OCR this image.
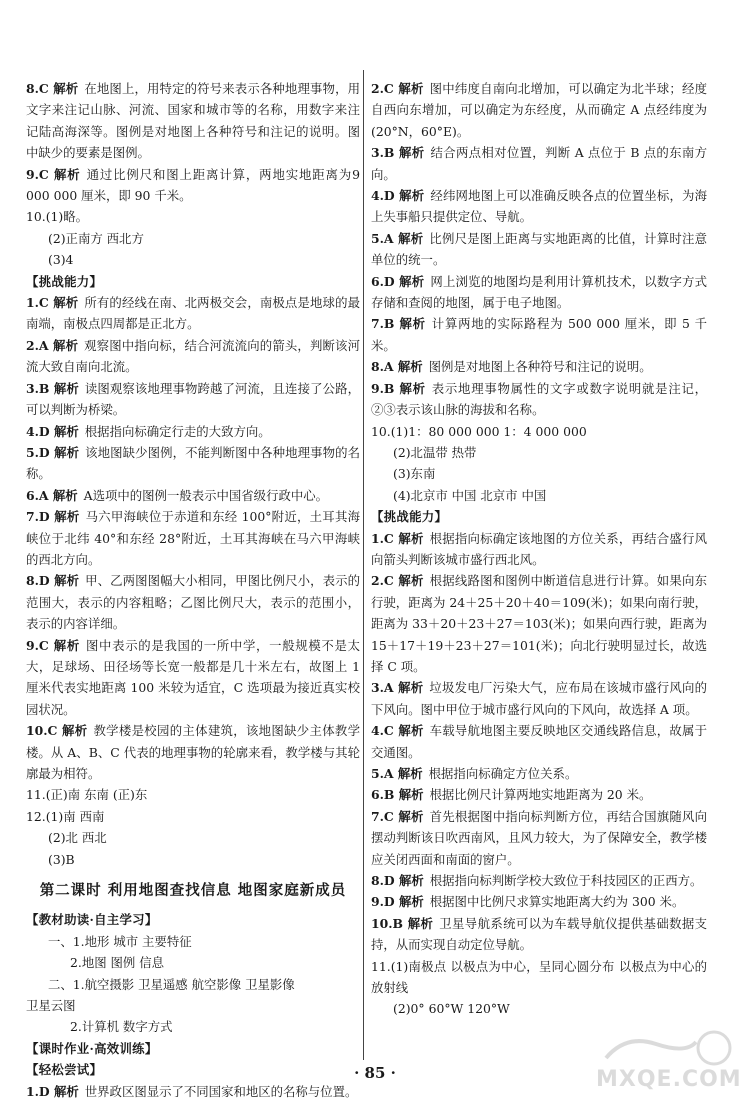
8.C 解析 在地图上，用特定的符号来表示各种地理事物，用文字来注记山脉、河流、国家和城市等的名称，用数字来注记陆高海深等。图例是对地图上各种符号和注记的说明。图中缺少的要素是图例。

9.C 解析 通过比例尺和图上距离计算，两地实地距离为9 000 000 厘米，即 90 千米。

10.(1)略。

(2)正南方 西北方

(3)4

【挑战能力】

1.C 解析 所有的经线在南、北两极交会，南极点是地球的最南端，南极点四周都是正北方。

2.A 解析 观察图中指向标，结合河流流向的箭头，判断该河流大致自南向北流。

3.B 解析 读图观察该地理事物跨越了河流，且连接了公路，可以判断为桥梁。

4.D 解析 根据指向标确定行走的大致方向。

5.D 解析 该地图缺少图例，不能判断图中各种地理事物的名称。

6.A 解析 A选项中的图例一般表示中国省级行政中心。

7.D 解析 马六甲海峡位于赤道和东经 100°附近，土耳其海峡位于北纬 40°和东经 28°附近，土耳其海峡在马六甲海峡的西北方向。

8.D 解析 甲、乙两图图幅大小相同，甲图比例尺小，表示的范围大，表示的内容粗略；乙图比例尺大，表示的范围小，表示的内容详细。

9.C 解析 图中表示的是我国的一所中学，一般规模不是太大，足球场、田径场等长宽一般都是几十米左右，故图上 1 厘米代表实地距离 100 米较为适宜，C 选项最为接近真实校园状况。

10.C 解析 教学楼是校园的主体建筑，该地图缺少主体教学楼。从 A、B、C 代表的地理事物的轮廓来看，教学楼与其轮廓最为相符。

11.(正)南 东南 (正)东

12.(1)南 西南

(2)北 西北

(3)B

第二课时 利用地图查找信息 地图家庭新成员

【教材助读·自主学习】

一、1.地形 城市 主要特征

2.地图 图例 信息

二、1.航空摄影 卫星遥感 航空影像 卫星影像

卫星云图

2.计算机 数字方式

【课时作业·高效训练】

【轻松尝试】

1.D 解析 世界政区图显示了不同国家和地区的名称与位置。

2.C 解析 图中纬度自南向北增加，可以确定为北半球；经度自西向东增加，可以确定为东经度，从而确定 A 点经纬度为(20°N，60°E)。

3.B 解析 结合两点相对位置，判断 A 点位于 B 点的东南方向。

4.D 解析 经纬网地图上可以准确反映各点的位置坐标，为海上失事船只提供定位、导航。

5.A 解析 比例尺是图上距离与实地距离的比值，计算时注意单位的统一。

6.D 解析 网上浏览的地图均是利用计算机技术，以数字方式存储和查阅的地图，属于电子地图。

7.B 解析 计算两地的实际路程为 500 000 厘米，即 5 千米。

8.A 解析 图例是对地图上各种符号和注记的说明。

9.B 解析 表示地理事物属性的文字或数字说明就是注记，②③表示该山脉的海拔和名称。

10.(1)1：80 000 000 1：4 000 000

(2)北温带 热带

(3)东南

(4)北京市 中国 北京市 中国

【挑战能力】

1.C 解析 根据指向标确定该地图的方位关系，再结合盛行风向箭头判断该城市盛行西北风。

2.C 解析 根据线路图和图例中断道信息进行计算。如果向东行驶，距离为 24＋25＋20＋40＝109(米)；如果向南行驶，距离为 33＋20＋23＋27＝103(米)；如果向西行驶，距离为 15＋17＋19＋23＋27＝101(米)；向北行驶明显过长，故选择 C 项。

3.A 解析 垃圾发电厂污染大气，应布局在该城市盛行风向的下风向。图中甲位于城市盛行风向的下风向，故选择 A 项。

4.C 解析 车载导航地图主要反映地区交通线路信息，故属于交通图。

5.A 解析 根据指向标确定方位关系。

6.B 解析 根据比例尺计算两地实地距离为 20 米。

7.C 解析 首先根据图中指向标判断方位，再结合国旗随风向摆动判断该日吹西南风，且风力较大，为了保障安全，教学楼应关闭西面和南面的窗户。

8.D 解析 根据指向标判断学校大致位于科技园区的正西方。

9.D 解析 根据图中比例尺求算实地距离大约为 300 米。

10.B 解析 卫星导航系统可以为车载导航仪提供基础数据支持，从而实现自动定位导航。

11.(1)南极点 以极点为中心，呈同心圆分布 以极点为中心的放射线

(2)0° 60°W 120°W

· 85 ·	MXQE.COM
